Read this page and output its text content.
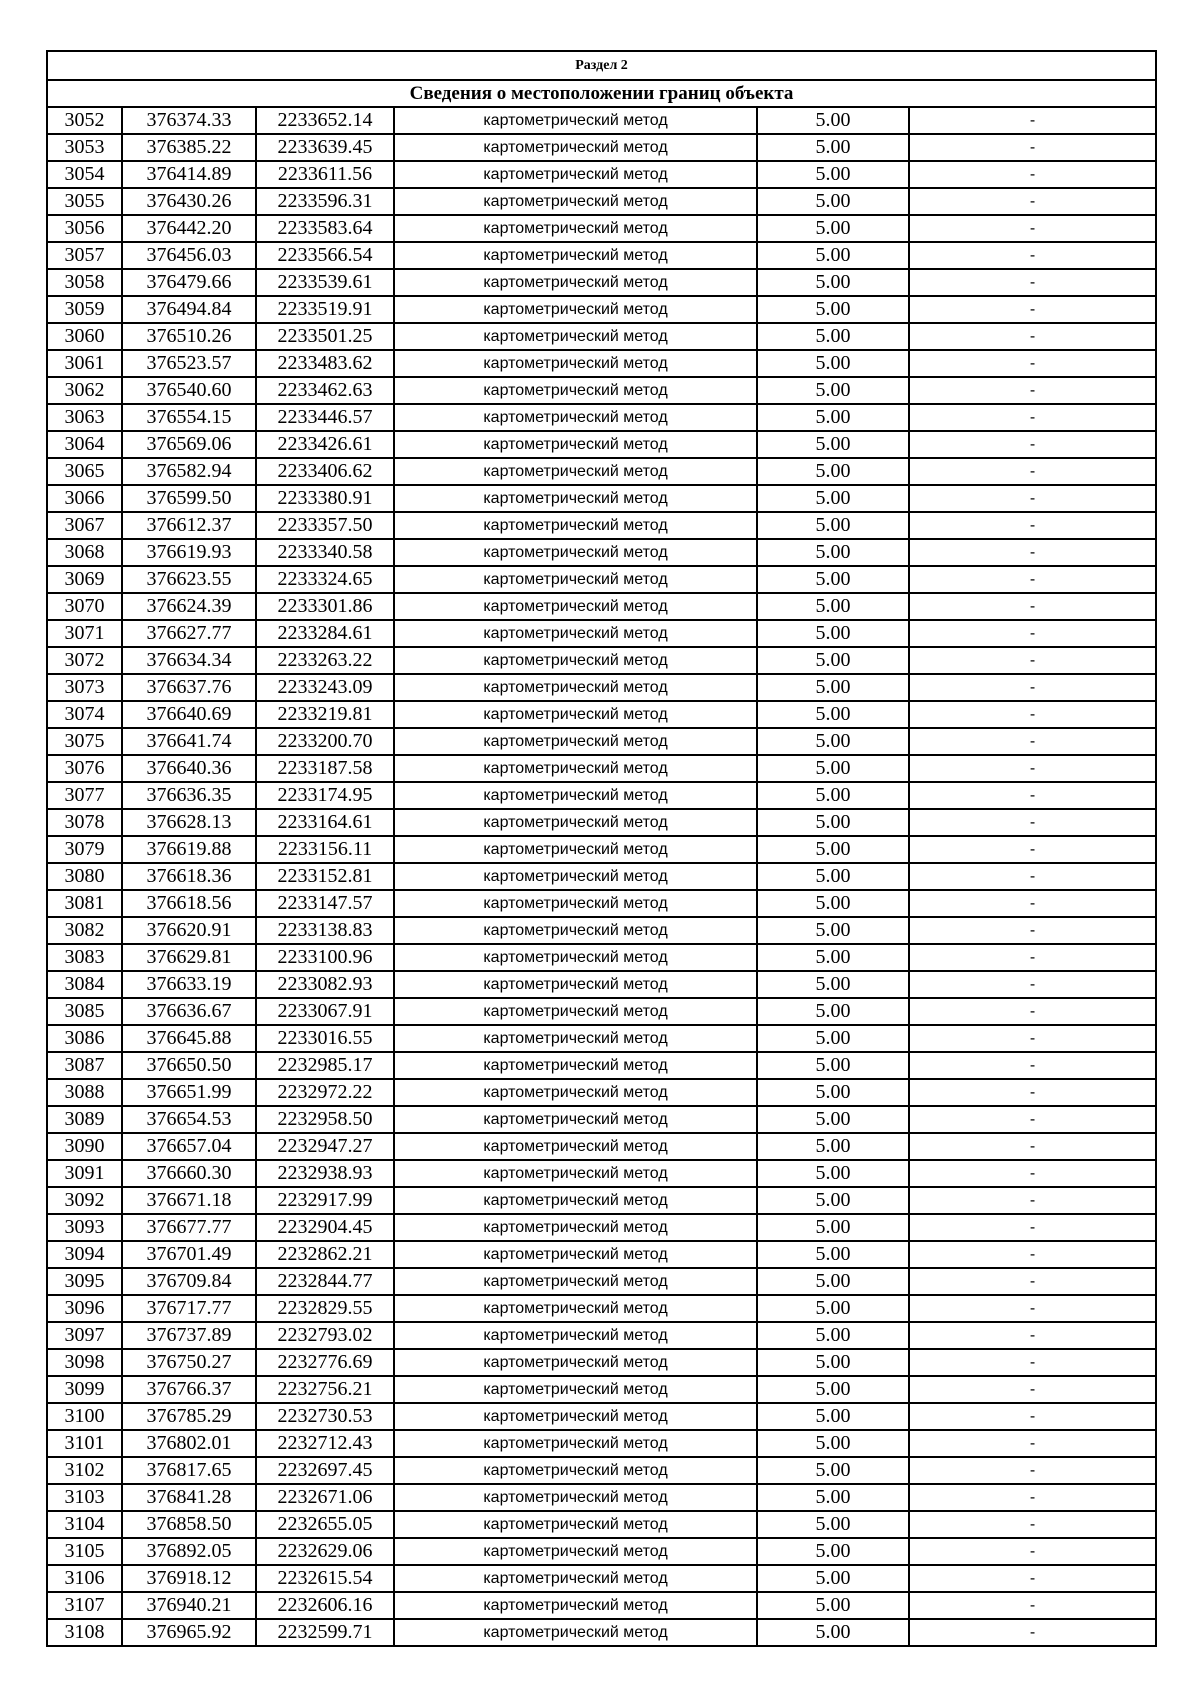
Раздел 2					
Сведения о местоположении границ объекта					
3052	376374.33	2233652.14	картометрический метод	5.00	-
3053	376385.22	2233639.45	картометрический метод	5.00	-
3054	376414.89	2233611.56	картометрический метод	5.00	-
3055	376430.26	2233596.31	картометрический метод	5.00	-
3056	376442.20	2233583.64	картометрический метод	5.00	-
3057	376456.03	2233566.54	картометрический метод	5.00	-
3058	376479.66	2233539.61	картометрический метод	5.00	-
3059	376494.84	2233519.91	картометрический метод	5.00	-
3060	376510.26	2233501.25	картометрический метод	5.00	-
3061	376523.57	2233483.62	картометрический метод	5.00	-
3062	376540.60	2233462.63	картометрический метод	5.00	-
3063	376554.15	2233446.57	картометрический метод	5.00	-
3064	376569.06	2233426.61	картометрический метод	5.00	-
3065	376582.94	2233406.62	картометрический метод	5.00	-
3066	376599.50	2233380.91	картометрический метод	5.00	-
3067	376612.37	2233357.50	картометрический метод	5.00	-
3068	376619.93	2233340.58	картометрический метод	5.00	-
3069	376623.55	2233324.65	картометрический метод	5.00	-
3070	376624.39	2233301.86	картометрический метод	5.00	-
3071	376627.77	2233284.61	картометрический метод	5.00	-
3072	376634.34	2233263.22	картометрический метод	5.00	-
3073	376637.76	2233243.09	картометрический метод	5.00	-
3074	376640.69	2233219.81	картометрический метод	5.00	-
3075	376641.74	2233200.70	картометрический метод	5.00	-
3076	376640.36	2233187.58	картометрический метод	5.00	-
3077	376636.35	2233174.95	картометрический метод	5.00	-
3078	376628.13	2233164.61	картометрический метод	5.00	-
3079	376619.88	2233156.11	картометрический метод	5.00	-
3080	376618.36	2233152.81	картометрический метод	5.00	-
3081	376618.56	2233147.57	картометрический метод	5.00	-
3082	376620.91	2233138.83	картометрический метод	5.00	-
3083	376629.81	2233100.96	картометрический метод	5.00	-
3084	376633.19	2233082.93	картометрический метод	5.00	-
3085	376636.67	2233067.91	картометрический метод	5.00	-
3086	376645.88	2233016.55	картометрический метод	5.00	-
3087	376650.50	2232985.17	картометрический метод	5.00	-
3088	376651.99	2232972.22	картометрический метод	5.00	-
3089	376654.53	2232958.50	картометрический метод	5.00	-
3090	376657.04	2232947.27	картометрический метод	5.00	-
3091	376660.30	2232938.93	картометрический метод	5.00	-
3092	376671.18	2232917.99	картометрический метод	5.00	-
3093	376677.77	2232904.45	картометрический метод	5.00	-
3094	376701.49	2232862.21	картометрический метод	5.00	-
3095	376709.84	2232844.77	картометрический метод	5.00	-
3096	376717.77	2232829.55	картометрический метод	5.00	-
3097	376737.89	2232793.02	картометрический метод	5.00	-
3098	376750.27	2232776.69	картометрический метод	5.00	-
3099	376766.37	2232756.21	картометрический метод	5.00	-
3100	376785.29	2232730.53	картометрический метод	5.00	-
3101	376802.01	2232712.43	картометрический метод	5.00	-
3102	376817.65	2232697.45	картометрический метод	5.00	-
3103	376841.28	2232671.06	картометрический метод	5.00	-
3104	376858.50	2232655.05	картометрический метод	5.00	-
3105	376892.05	2232629.06	картометрический метод	5.00	-
3106	376918.12	2232615.54	картометрический метод	5.00	-
3107	376940.21	2232606.16	картометрический метод	5.00	-
3108	376965.92	2232599.71	картометрический метод	5.00	-
